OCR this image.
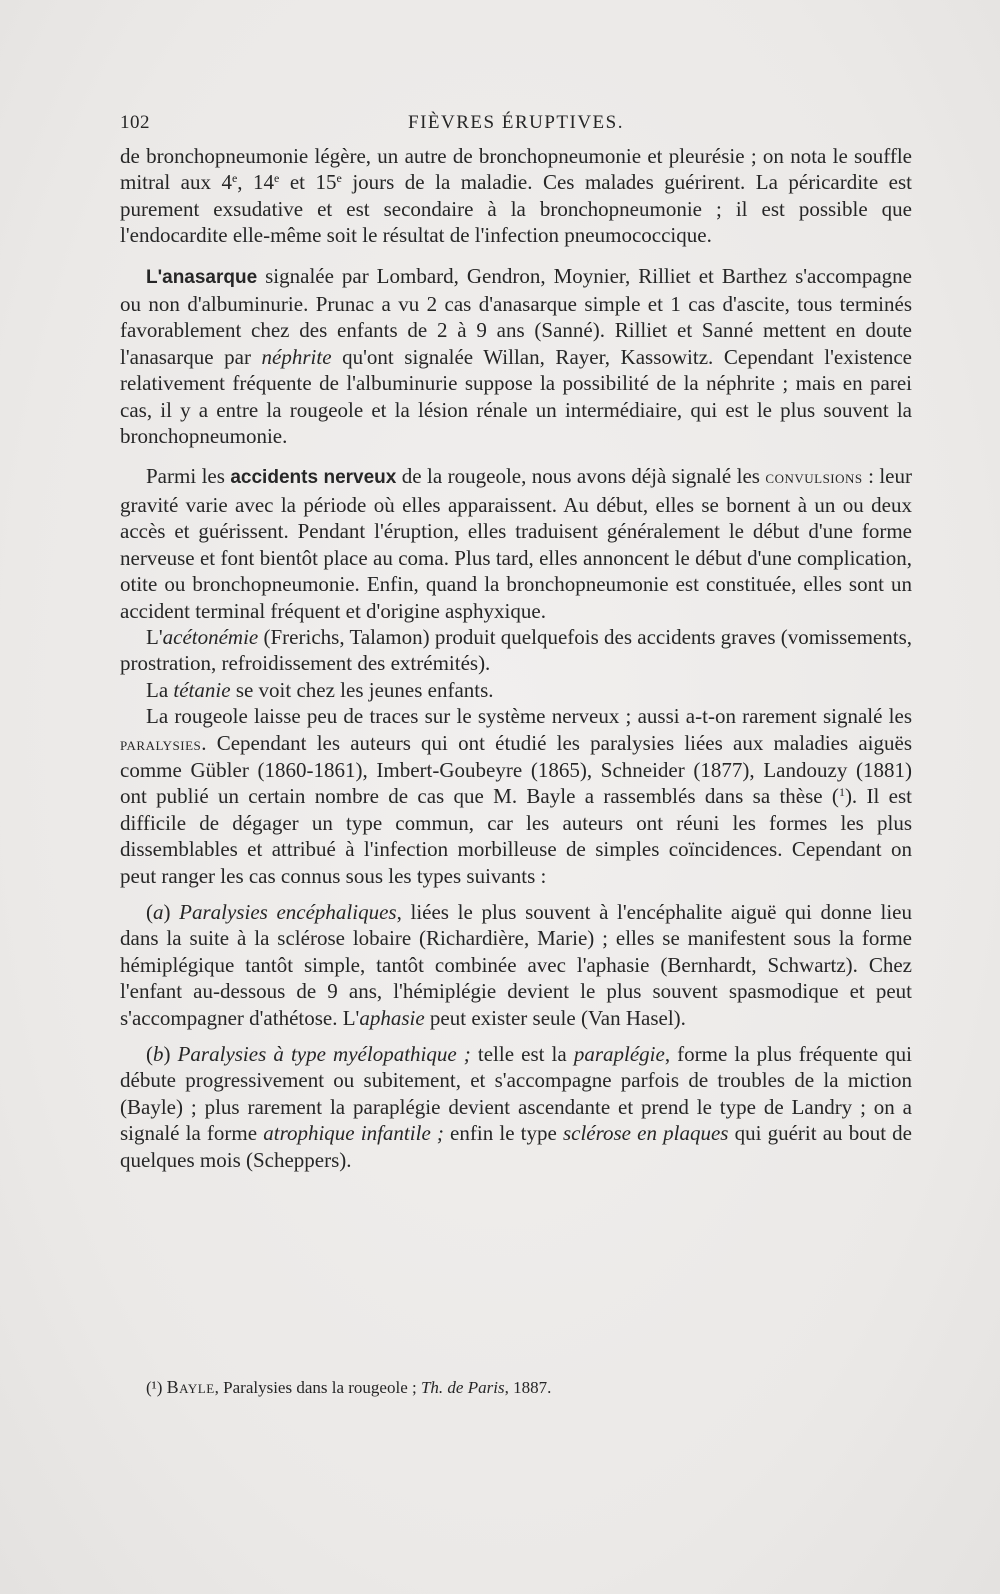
102	FIÈVRES ÉRUPTIVES.

de bronchopneumonie légère, un autre de bronchopneumonie et pleurésie ; on nota le souffle mitral aux 4e, 14e et 15e jours de la maladie. Ces malades guérirent. La péricardite est purement exsudative et est secondaire à la bronchopneumonie ; il est possible que l'endocardite elle-même soit le résultat de l'infection pneumococcique.

L'anasarque signalée par Lombard, Gendron, Moynier, Rilliet et Barthez s'accompagne ou non d'albuminurie. Prunac a vu 2 cas d'anasarque simple et 1 cas d'ascite, tous terminés favorablement chez des enfants de 2 à 9 ans (Sanné). Rilliet et Sanné mettent en doute l'anasarque par néphrite qu'ont signalée Willan, Rayer, Kassowitz. Cependant l'existence relativement fréquente de l'albuminurie suppose la possibilité de la néphrite ; mais en parei cas, il y a entre la rougeole et la lésion rénale un intermédiaire, qui est le plus souvent la bronchopneumonie.

Parmi les accidents nerveux de la rougeole, nous avons déjà signalé les convulsions : leur gravité varie avec la période où elles apparaissent. Au début, elles se bornent à un ou deux accès et guérissent. Pendant l'éruption, elles traduisent généralement le début d'une forme nerveuse et font bientôt place au coma. Plus tard, elles annoncent le début d'une complication, otite ou bronchopneumonie. Enfin, quand la bronchopneumonie est constituée, elles sont un accident terminal fréquent et d'origine asphyxique.

L'acétonémie (Frerichs, Talamon) produit quelquefois des accidents graves (vomissements, prostration, refroidissement des extrémités).

La tétanie se voit chez les jeunes enfants.

La rougeole laisse peu de traces sur le système nerveux ; aussi a-t-on rarement signalé les paralysies. Cependant les auteurs qui ont étudié les paralysies liées aux maladies aiguës comme Gübler (1860-1861), Imbert-Goubeyre (1865), Schneider (1877), Landouzy (1881) ont publié un certain nombre de cas que M. Bayle a rassemblés dans sa thèse ($^1$). Il est difficile de dégager un type commun, car les auteurs ont réuni les formes les plus dissemblables et attribué à l'infection morbilleuse de simples coïncidences. Cependant on peut ranger les cas connus sous les types suivants :

(a) Paralysies encéphaliques, liées le plus souvent à l'encéphalite aiguë qui donne lieu dans la suite à la sclérose lobaire (Richardière, Marie) ; elles se manifestent sous la forme hémiplégique tantôt simple, tantôt combinée avec l'aphasie (Bernhardt, Schwartz). Chez l'enfant au-dessous de 9 ans, l'hémiplégie devient le plus souvent spasmodique et peut s'accompagner d'athétose. L'aphasie peut exister seule (Van Hasel).

(b) Paralysies à type myélopathique ; telle est la paraplégie, forme la plus fréquente qui débute progressivement ou subitement, et s'accompagne parfois de troubles de la miction (Bayle) ; plus rarement la paraplégie devient ascendante et prend le type de Landry ; on a signalé la forme atrophique infantile ; enfin le type sclérose en plaques qui guérit au bout de quelques mois (Scheppers).

(¹) Bayle, Paralysies dans la rougeole ; Th. de Paris, 1887.
